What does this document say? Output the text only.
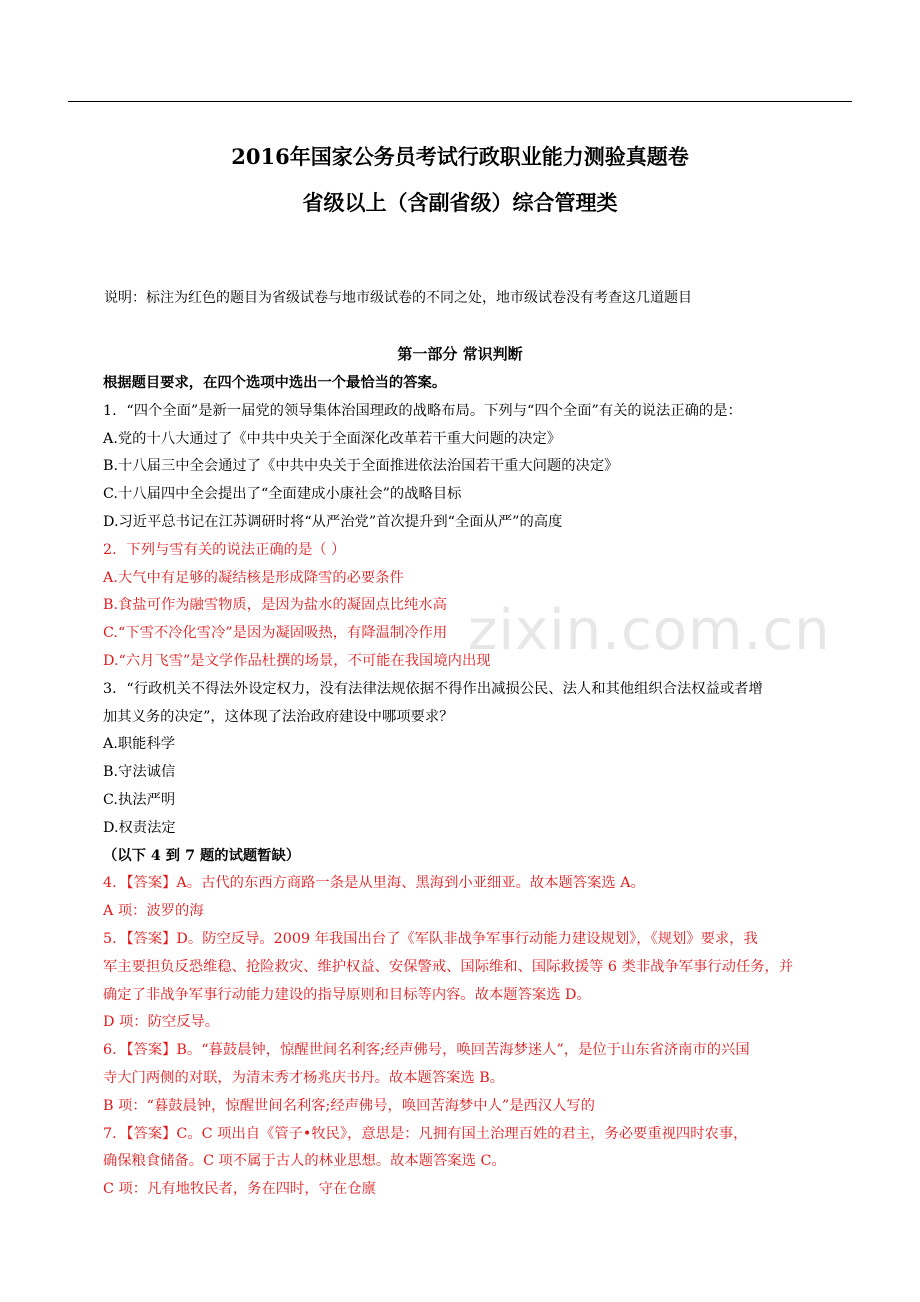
2016年国家公务员考试行政职业能力测验真题卷
省级以上（含副省级）综合管理类
说明：标注为红色的题目为省级试卷与地市级试卷的不同之处，地市级试卷没有考查这几道题目
第一部分 常识判断
zixin.com.cn
根据题目要求，在四个选项中选出一个最恰当的答案。
1．“四个全面”是新一届党的领导集体治国理政的战略布局。下列与“四个全面”有关的说法正确的是：
A.党的十八大通过了《中共中央关于全面深化改革若干重大问题的决定》
B.十八届三中全会通过了《中共中央关于全面推进依法治国若干重大问题的决定》
C.十八届四中全会提出了“全面建成小康社会”的战略目标
D.习近平总书记在江苏调研时将“从严治党”首次提升到“全面从严”的高度
2．下列与雪有关的说法正确的是（ ）
A.大气中有足够的凝结核是形成降雪的必要条件
B.食盐可作为融雪物质，是因为盐水的凝固点比纯水高
C.“下雪不冷化雪冷”是因为凝固吸热，有降温制冷作用
D.“六月飞雪”是文学作品杜撰的场景，不可能在我国境内出现
3．“行政机关不得法外设定权力，没有法律法规依据不得作出减损公民、法人和其他组织合法权益或者增
加其义务的决定”，这体现了法治政府建设中哪项要求？
A.职能科学
B.守法诚信
C.执法严明
D.权责法定
（以下 4 到 7 题的试题暂缺）
4．【答案】A。古代的东西方商路一条是从里海、黑海到小亚细亚。故本题答案选 A。
A 项：波罗的海
5．【答案】D。防空反导。2009 年我国出台了《军队非战争军事行动能力建设规划》，《规划》要求，我
军主要担负反恐维稳、抢险救灾、维护权益、安保警戒、国际维和、国际救援等 6 类非战争军事行动任务，并
确定了非战争军事行动能力建设的指导原则和目标等内容。故本题答案选 D。
D 项：防空反导。
6．【答案】B。“暮鼓晨钟，惊醒世间名利客;经声佛号，唤回苦海梦迷人”，是位于山东省济南市的兴国
寺大门两侧的对联，为清末秀才杨兆庆书丹。故本题答案选 B。
B 项：“暮鼓晨钟，惊醒世间名利客;经声佛号，唤回苦海梦中人”是西汉人写的
7．【答案】C。C 项出自《管子•牧民》，意思是：凡拥有国土治理百姓的君主，务必要重视四时农事，
确保粮食储备。C 项不属于古人的林业思想。故本题答案选 C。
C 项：凡有地牧民者，务在四时，守在仓廪
